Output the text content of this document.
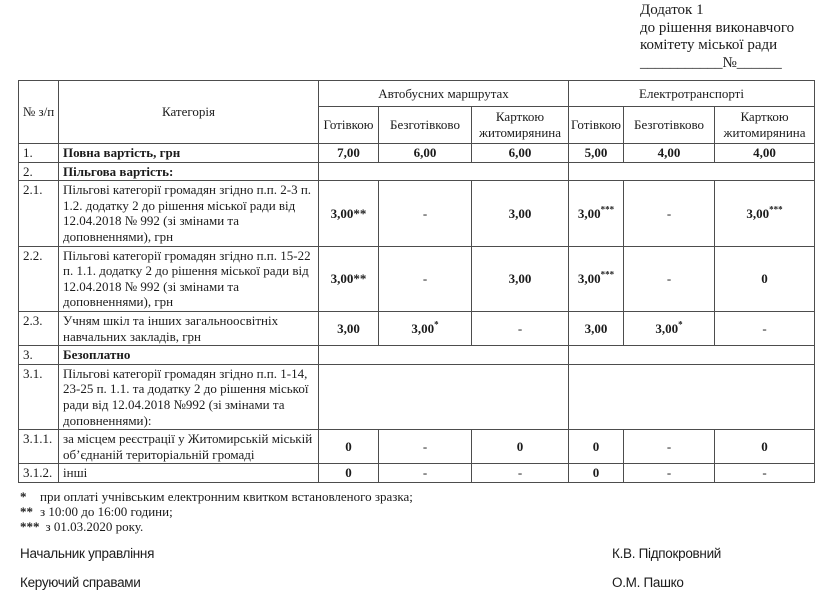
Додаток 1
до рішення виконавчого
комітету міської ради
___________№______
№ з/п	Категорія	Автобусних маршрутах			Електротранспорті		
		Готівкою	Безготівково	Карткою житомирянина	Готівкою	Безготівково	Карткою житомирянина
1.	Повна вартість, грн	7,00	6,00	6,00	5,00	4,00	4,00
2.	Пільгова вартість:						
2.1.	Пільгові категорії громадян згідно п.п. 2-3 п. 1.2. додатку 2 до рішення міської ради від 12.04.2018 № 992 (зі змінами та доповненнями), грн	3,00**	-	3,00	3,00***	-	3,00***
2.2.	Пільгові категорії громадян згідно п.п. 15-22 п. 1.1. додатку 2 до рішення міської ради від 12.04.2018 № 992 (зі змінами та доповненнями), грн	3,00**	-	3,00	3,00***	-	0
2.3.	Учням шкіл та інших загальноосвітніх навчальних закладів, грн	3,00	3,00*	-	3,00	3,00*	-
3.	Безоплатно						
3.1.	Пільгові категорії громадян згідно п.п. 1-14, 23-25 п. 1.1. та додатку 2 до рішення міської ради від 12.04.2018 №992 (зі змінами та доповненнями):						
3.1.1.	за місцем реєстрації у Житомирській міській об’єднаній територіальній громаді	0	-	0	0	-	0
3.1.2.	інші	0	-	-	0	-	-
* при оплаті учнівським електронним квитком встановленого зразка;
** з 10:00 до 16:00 години;
*** з 01.03.2020 року.
Начальник управління	К.В. Підпокровний
Керуючий справами	О.М. Пашко
